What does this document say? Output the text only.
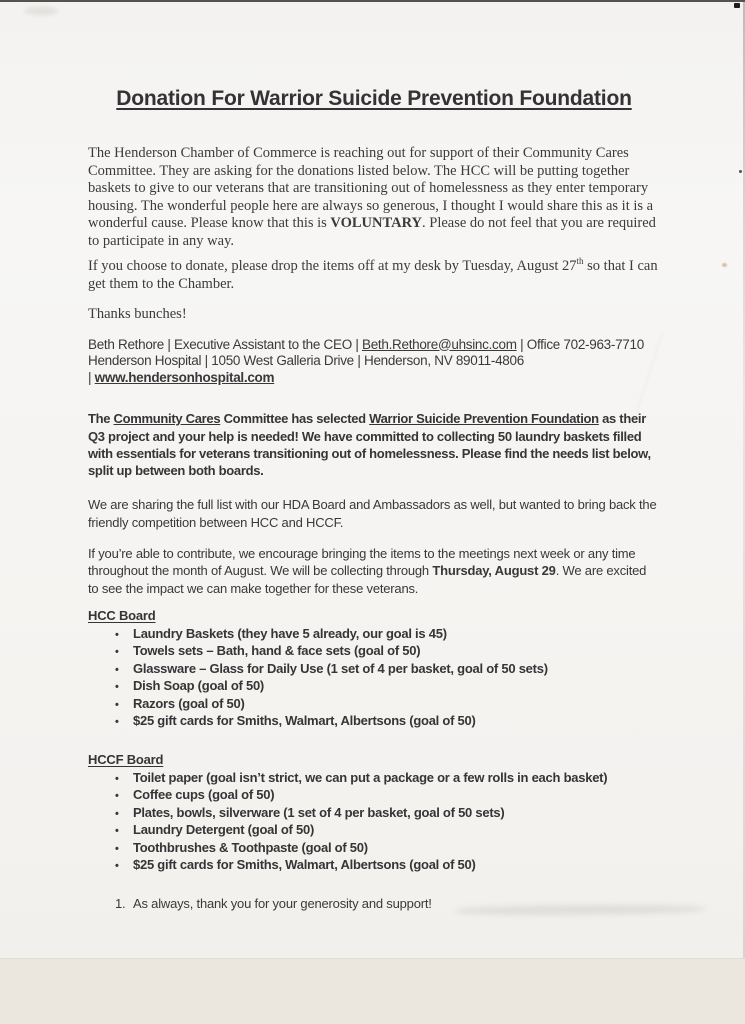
Donation For Warrior Suicide Prevention Foundation

The Henderson Chamber of Commerce is reaching out for support of their Community Cares Committee. They are asking for the donations listed below. The HCC will be putting together baskets to give to our veterans that are transitioning out of homelessness as they enter temporary housing. The wonderful people here are always so generous, I thought I would share this as it is a wonderful cause. Please know that this is VOLUNTARY. Please do not feel that you are required to participate in any way.

If you choose to donate, please drop the items off at my desk by Tuesday, August 27th so that I can get them to the Chamber.

Thanks bunches!

Beth Rethore | Executive Assistant to the CEO | Beth.Rethore@uhsinc.com | Office 702-963-7710
Henderson Hospital | 1050 West Galleria Drive | Henderson, NV 89011-4806
| www.hendersonhospital.com

The Community Cares Committee has selected Warrior Suicide Prevention Foundation as their Q3 project and your help is needed! We have committed to collecting 50 laundry baskets filled with essentials for veterans transitioning out of homelessness. Please find the needs list below, split up between both boards.

We are sharing the full list with our HDA Board and Ambassadors as well, but wanted to bring back the friendly competition between HCC and HCCF.

If you’re able to contribute, we encourage bringing the items to the meetings next week or any time throughout the month of August. We will be collecting through Thursday, August 29. We are excited to see the impact we can make together for these veterans.

HCC Board
•	Laundry Baskets (they have 5 already, our goal is 45)
•	Towels sets – Bath, hand & face sets (goal of 50)
•	Glassware – Glass for Daily Use (1 set of 4 per basket, goal of 50 sets)
•	Dish Soap (goal of 50)
•	Razors (goal of 50)
•	$25 gift cards for Smiths, Walmart, Albertsons (goal of 50)
HCCF Board
•	Toilet paper (goal isn’t strict, we can put a package or a few rolls in each basket)
•	Coffee cups (goal of 50)
•	Plates, bowls, silverware (1 set of 4 per basket, goal of 50 sets)
•	Laundry Detergent (goal of 50)
•	Toothbrushes & Toothpaste (goal of 50)
•	$25 gift cards for Smiths, Walmart, Albertsons (goal of 50)
1. As always, thank you for your generosity and support!
